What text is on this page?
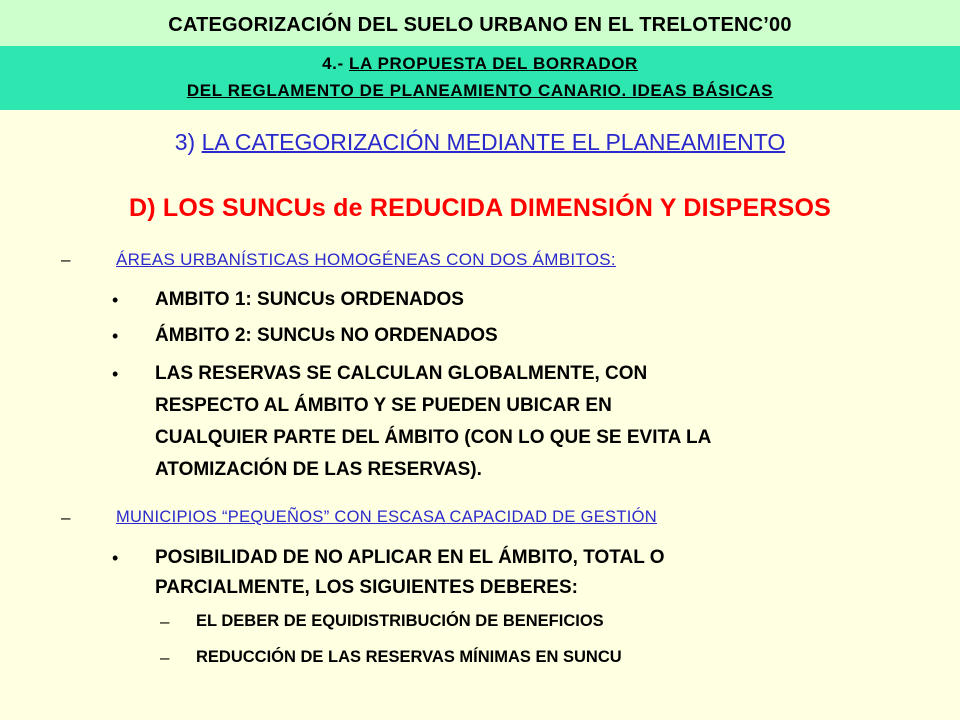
CATEGORIZACIÓN DEL SUELO URBANO EN EL TRELOTENC’00
4.- LA PROPUESTA DEL BORRADOR
DEL REGLAMENTO DE PLANEAMIENTO CANARIO. IDEAS BÁSICAS
3) LA CATEGORIZACIÓN MEDIANTE EL PLANEAMIENTO
D) LOS SUNCUs de REDUCIDA DIMENSIÓN Y DISPERSOS
–	ÁREAS URBANÍSTICAS HOMOGÉNEAS CON DOS ÁMBITOS:
• AMBITO 1: SUNCUs ORDENADOS
• ÁMBITO 2: SUNCUs NO ORDENADOS
• LAS RESERVAS SE CALCULAN GLOBALMENTE, CON
RESPECTO AL ÁMBITO Y SE PUEDEN UBICAR EN
CUALQUIER PARTE DEL ÁMBITO (CON LO QUE SE EVITA LA
ATOMIZACIÓN DE LAS RESERVAS).
–	MUNICIPIOS “PEQUEÑOS” CON ESCASA CAPACIDAD DE GESTIÓN
• POSIBILIDAD DE NO APLICAR EN EL ÁMBITO, TOTAL O
PARCIALMENTE, LOS SIGUIENTES DEBERES:
– EL DEBER DE EQUIDISTRIBUCIÓN DE BENEFICIOS
– REDUCCIÓN DE LAS RESERVAS MÍNIMAS EN SUNCU
